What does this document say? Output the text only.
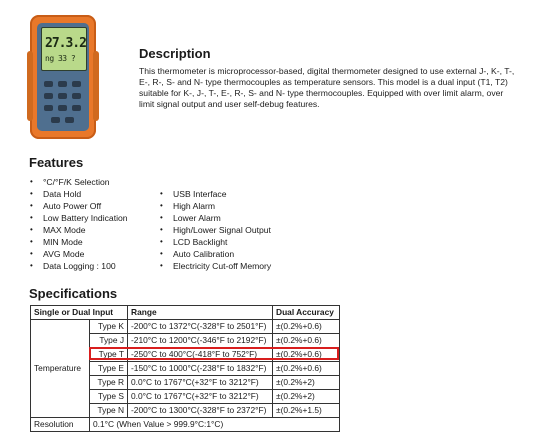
27.3.2
ng 33 ?	Description

This thermometer is microprocessor-based, digital thermometer designed to use external J-, K-, T-, E-, R-, S- and N- type thermocouples as temperature sensors. This model is a dual input (T1, T2) suitable for K-, J-, T-, E-, R-, S- and N- type thermocouples. Equipped with over limit alarm, over limit signal output and user self-debug features.

Features
• °C/°F/K Selection
• Data Hold
• Auto Power Off
• Low Battery Indication
• MAX Mode
• MIN Mode
• AVG Mode
• Data Logging : 100
• USB Interface
• High Alarm
• Lower Alarm
• High/Lower Signal Output
• LCD Backlight
• Auto Calibration
• Electricity Cut-off Memory
Specifications
Single or Dual Input		Range	Dual Accuracy
Temperature	Type K	-200°C to 1372°C(-328°F to 2501°F)	±(0.2%+0.6)
	Type J	-210°C to 1200°C(-346°F to 2192°F)	±(0.2%+0.6)
	Type T	-250°C to 400°C(-418°F to 752°F)	±(0.2%+0.6)
	Type E	-150°C to 1000°C(-238°F to 1832°F)	±(0.2%+0.6)
	Type R	0.0°C to 1767°C(+32°F to 3212°F)	±(0.2%+2)
	Type S	0.0°C to 1767°C(+32°F to 3212°F)	±(0.2%+2)
	Type N	-200°C to 1300°C(-328°F to 2372°F)	±(0.2%+1.5)
Resolution	0.1°C (When Value > 999.9°C:1°C)		
